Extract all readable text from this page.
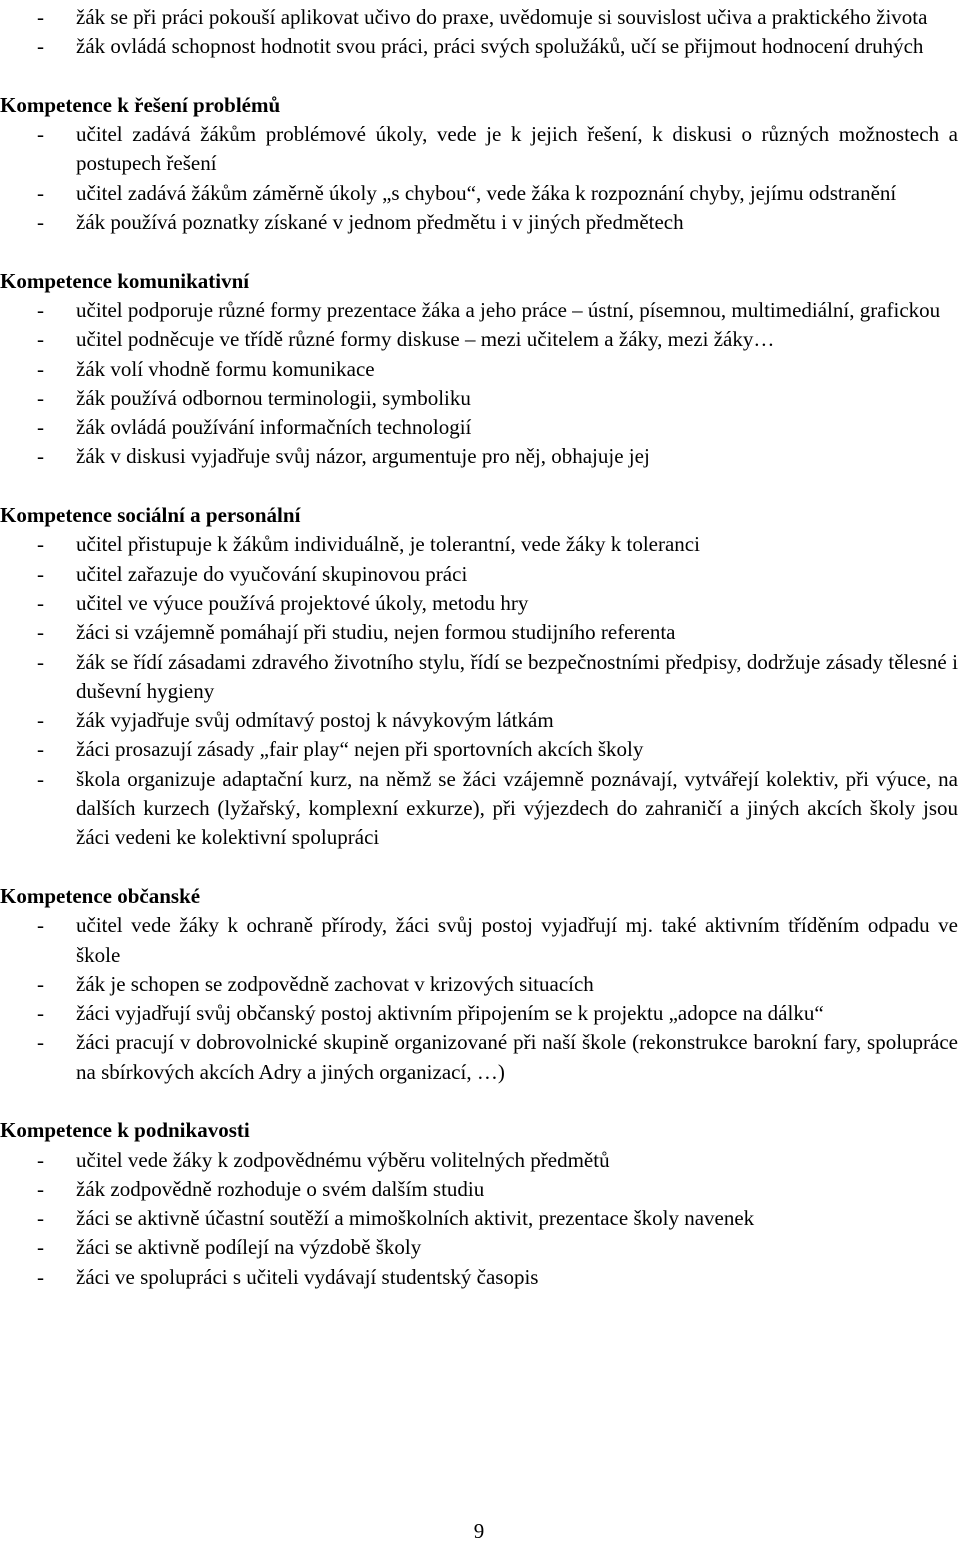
- žák se při práci pokouší aplikovat učivo do praxe, uvědomuje si souvislost učiva a praktického života
- žák ovládá schopnost hodnotit svou práci, práci svých spolužáků, učí se přijmout hodnocení druhých
Kompetence k řešení problémů
- učitel zadává žákům problémové úkoly, vede je k jejich řešení, k diskusi o různých možnostech a postupech řešení
- učitel zadává žákům záměrně úkoly „s chybou“, vede žáka k rozpoznání chyby, jejímu odstranění
- žák používá poznatky získané v jednom předmětu i v jiných předmětech
Kompetence komunikativní
- učitel podporuje různé formy prezentace žáka a jeho práce – ústní, písemnou, multimediální, grafickou
- učitel podněcuje ve třídě různé formy diskuse – mezi učitelem a žáky, mezi žáky…
- žák volí vhodně formu komunikace
- žák používá odbornou terminologii, symboliku
- žák ovládá používání informačních technologií
- žák v diskusi vyjadřuje svůj názor, argumentuje pro něj, obhajuje jej
Kompetence sociální a personální
- učitel přistupuje k žákům individuálně, je tolerantní, vede žáky k toleranci
- učitel zařazuje do vyučování skupinovou práci
- učitel ve výuce používá projektové úkoly, metodu hry
- žáci si vzájemně pomáhají při studiu, nejen formou studijního referenta
- žák se řídí zásadami zdravého životního stylu, řídí se bezpečnostními předpisy, dodržuje zásady tělesné i duševní hygieny
- žák vyjadřuje svůj odmítavý postoj k návykovým látkám
- žáci prosazují zásady „fair play“ nejen při sportovních akcích školy
- škola organizuje adaptační kurz, na němž se žáci vzájemně poznávají, vytvářejí kolektiv, při výuce, na dalších kurzech (lyžařský, komplexní exkurze), při výjezdech do zahraničí a jiných akcích školy jsou žáci vedeni ke kolektivní spolupráci
Kompetence občanské
- učitel vede žáky k ochraně přírody, žáci svůj postoj vyjadřují mj. také aktivním tříděním odpadu ve škole
- žák je schopen se zodpovědně zachovat v krizových situacích
- žáci vyjadřují svůj občanský postoj aktivním připojením se k projektu „adopce na dálku“
- žáci pracují v dobrovolnické skupině organizované při naší škole (rekonstrukce barokní fary, spolupráce na sbírkových akcích Adry a jiných organizací, …)
Kompetence k podnikavosti
- učitel vede žáky k zodpovědnému výběru volitelných předmětů
- žák zodpovědně rozhoduje o svém dalším studiu
- žáci se aktivně účastní soutěží a mimoškolních aktivit, prezentace školy navenek
- žáci se aktivně podílejí na výzdobě školy
- žáci ve spolupráci s učiteli vydávají studentský časopis
9
